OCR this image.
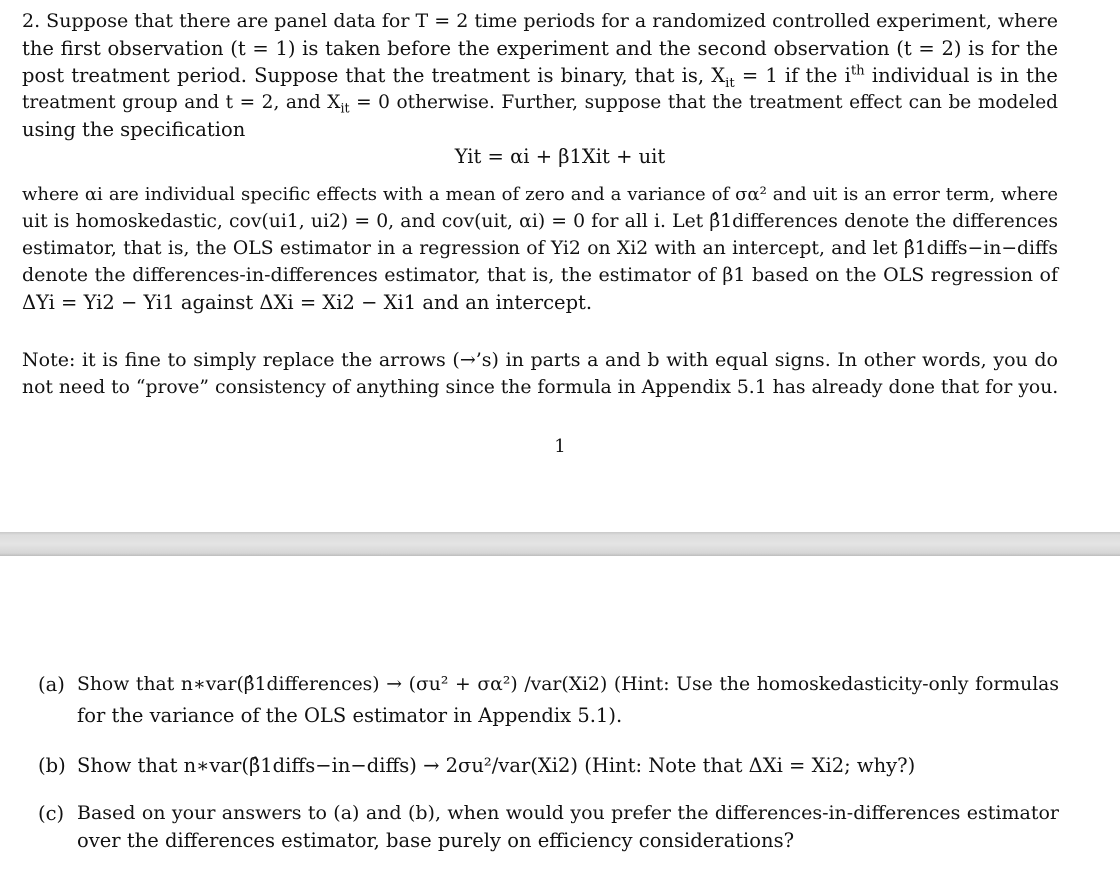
2. Suppose that there are panel data for T = 2 time periods for a randomized controlled experiment, where
the first observation (t = 1) is taken before the experiment and the second observation (t = 2) is for the
post treatment period. Suppose that the treatment is binary, that is, $X_{it} = 1$ if the $i^{th}$ individual is in the
treatment group and t = 2, and $X_{it} = 0$ otherwise. Further, suppose that the treatment effect can be modeled
using the specification
Yit = αi + β1Xit + uit
where αi are individual specific effects with a mean of zero and a variance of σα² and uit is an error term, where
uit is homoskedastic, cov(ui1, ui2) = 0, and cov(uit, αi) = 0 for all i. Let β̂1differences denote the differences
estimator, that is, the OLS estimator in a regression of Yi2 on Xi2 with an intercept, and let β̂1diffs−in−diffs
denote the differences-in-differences estimator, that is, the estimator of β1 based on the OLS regression of
ΔYi = Yi2 − Yi1 against ΔXi = Xi2 − Xi1 and an intercept.
Note: it is fine to simply replace the arrows (→’s) in parts a and b with equal signs. In other words, you do
not need to “prove” consistency of anything since the formula in Appendix 5.1 has already done that for you.
1
(a) Show that n∗var(β̂1differences) → (σu² + σα²) /var(Xi2) (Hint: Use the homoskedasticity-only formulas
for the variance of the OLS estimator in Appendix 5.1).
(b) Show that n∗var(β̂1diffs−in−diffs) → 2σu²/var(Xi2) (Hint: Note that ΔXi = Xi2; why?)
(c) Based on your answers to (a) and (b), when would you prefer the differences-in-differences estimator
over the differences estimator, base purely on efficiency considerations?
